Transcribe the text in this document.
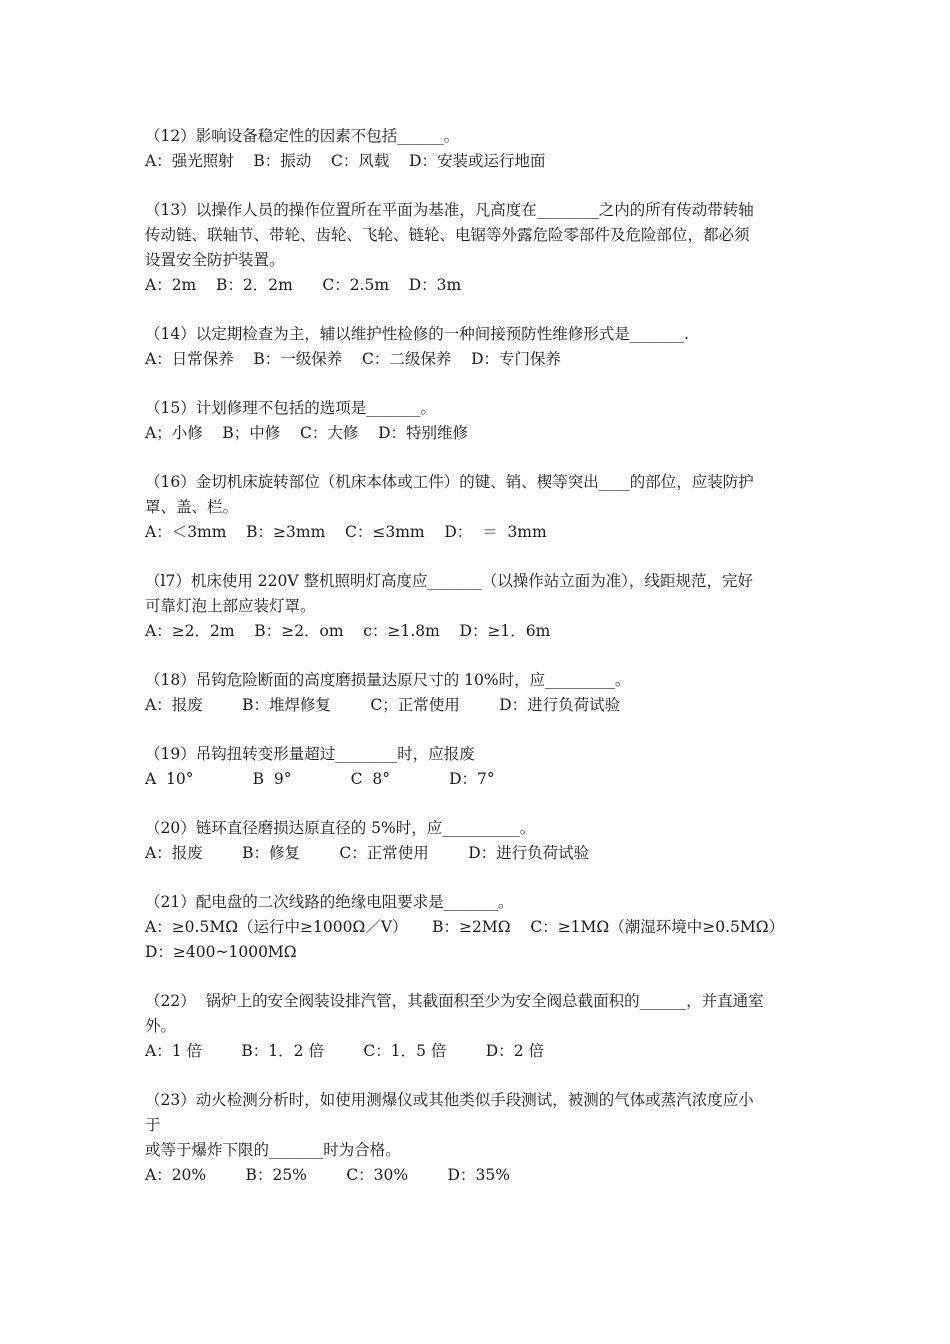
（12）影响设备稳定性的因素不包括______。
A：强光照射    B：振动    C：风载    D：安装或运行地面
（13）以操作人员的操作位置所在平面为基准，凡高度在________之内的所有传动带转轴
传动链、联轴节、带轮、齿轮、飞轮、链轮、电锯等外露危险零部件及危险部位，都必须
设置安全防护装置。
A：2m    B：2．2m      C：2.5m    D：3m
（14）以定期检查为主，辅以维护性检修的一种间接预防性维修形式是_______.
A：日常保养    B：一级保养    C：二级保养    D：专门保养
（15）计划修理不包括的选项是_______。
A；小修    B；中修    C：大修    D：特别维修
（16）金切机床旋转部位（机床本体或工件）的键、销、楔等突出____的部位，应装防护
罩、盖、栏。
A：＜3mm    B：≥3mm    C：≤3mm    D：  ＝  3mm
（l7）机床使用 220V 整机照明灯高度应_______（以操作站立面为准），线距规范，完好
可靠灯泡上部应装灯罩。
A：≥2．2m    B：≥2．om    c：≥1.8m    D：≥1．6m
（18）吊钩危险断面的高度磨损量达原尺寸的 10%时，应_________。
A：报废        B：堆焊修复        C；正常使用        D：进行负荷试验
（19）吊钩扭转变形量超过________时，应报废
A  10°            B  9°            C  8°            D：7°
（20）链环直径磨损达原直径的 5%时，应__________。
A：报废        B：修复        C：正常使用        D：进行负荷试验
（21）配电盘的二次线路的绝缘电阻要求是_______。
A：≥0.5MΩ（运行中≥1000Ω／V）     B：≥2MΩ    C：≥1MΩ（潮湿环境中≥0.5MΩ）
D：≥400~1000MΩ
（22）  锅炉上的安全阀装设排汽管，其截面积至少为安全阀总截面积的______，并直通室
外。
A：1 倍        B：1．2 倍        C：1．5 倍        D：2 倍
（23）动火检测分析时，如使用测爆仪或其他类似手段测试，被测的气体或蒸汽浓度应小
于
或等于爆炸下限的_______时为合格。
A：20%        B：25%        C：30%        D：35%
